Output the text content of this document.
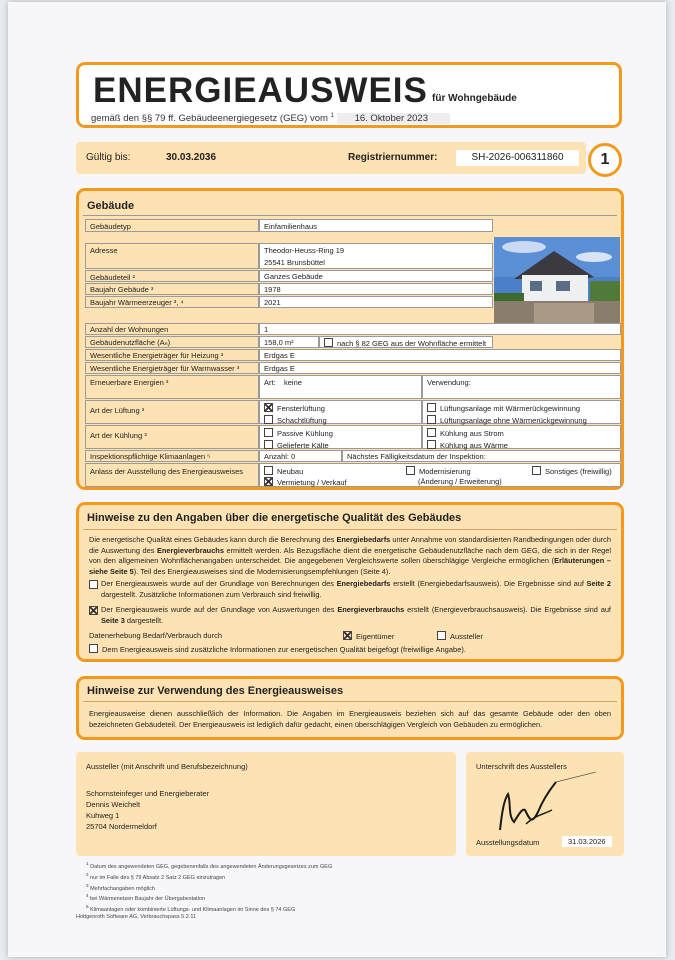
ENERGIEAUSWEIS für Wohngebäude
gemäß den §§ 79 ff. Gebäudeenergiegesetz (GEG) vom $^1$ 16. Oktober 2023
Gültig bis:	30.03.2036	Registriernummer:	SH-2026-006311860	1
Gebäude
Gebäudetyp	Einfamilienhaus
Adresse	Theodor-Heuss-Ring 19
25541 Brunsbüttel
Gebäudeteil ²	Ganzes Gebäude
Baujahr Gebäude ³	1978
Baujahr Wärmeerzeuger ³, ⁴	2021
Anzahl der Wohnungen	1
Gebäudenutzfläche (Aₙ)	158,0 m²	nach § 82 GEG aus der Wohnfläche ermittelt
Wesentliche Energieträger für Heizung ³	Erdgas E
Wesentliche Energieträger für Warmwasser ³	Erdgas E
Erneuerbare Energien ³	Art: keine	Verwendung:
Art der Lüftung ³	Fensterlüftung
Schachtlüftung
Lüftungsanlage mit Wärmerückgewinnung
Lüftungsanlage ohne Wärmerückgewinnung
Art der Kühlung ³	Passive Kühlung
Gelieferte Kälte
Kühlung aus Strom
Kühlung aus Wärme
Inspektionspflichtige Klimaanlagen ⁵	Anzahl: 0	Nächstes Fälligkeitsdatum der Inspektion:
Anlass der Ausstellung des Energieausweises	Neubau	Modernisierung	Sonstiges (freiwillig)
Vermietung / Verkauf	(Änderung / Erweiterung)
Hinweise zu den Angaben über die energetische Qualität des Gebäudes
Die energetische Qualität eines Gebäudes kann durch die Berechnung des Energiebedarfs unter Annahme von standardisierten Randbedingungen oder durch die Auswertung des Energieverbrauchs ermittelt werden. Als Bezugsfläche dient die energetische Gebäudenutzfläche nach dem GEG, die sich in der Regel von den allgemeinen Wohnflächenangaben unterscheidet. Die angegebenen Vergleichswerte sollen überschlägige Vergleiche ermöglichen (Erläuterungen – siehe Seite 5). Teil des Energieausweises sind die Modernisierungsempfehlungen (Seite 4).
Der Energieausweis wurde auf der Grundlage von Berechnungen des Energiebedarfs erstellt (Energiebedarfsausweis). Die Ergebnisse sind auf Seite 2 dargestellt. Zusätzliche Informationen zum Verbrauch sind freiwillig.
Der Energieausweis wurde auf der Grundlage von Auswertungen des Energieverbrauchs erstellt (Energieverbrauchsausweis). Die Ergebnisse sind auf Seite 3 dargestellt.
Datenerhebung Bedarf/Verbrauch durch	Eigentümer	Aussteller
Dem Energieausweis sind zusätzliche Informationen zur energetischen Qualität beigefügt (freiwillige Angabe).
Hinweise zur Verwendung des Energieausweises
Energieausweise dienen ausschließlich der Information. Die Angaben im Energieausweis beziehen sich auf das gesamte Gebäude oder den oben bezeichneten Gebäudeteil. Der Energieausweis ist lediglich dafür gedacht, einen überschlägigen Vergleich von Gebäuden zu ermöglichen.
Aussteller (mit Anschrift und Berufsbezeichnung)
Schornsteinfeger und Energieberater
Dennis Weichelt
Kuhweg 1
25704 Nordermeldorf
Unterschrift des Ausstellers
Ausstellungsdatum	31.03.2026
$^1$ Datum des angewendeten GEG, gegebenenfalls des angewendeten Änderungsgesetzes zum GEG
$^2$ nur im Falle des § 79 Absatz 2 Satz 2 GEG einzutragen
$^3$ Mehrfachangaben möglich
$^4$ bei Wärmenetzen Baujahr der Übergabestation
$^5$ Klimaanlagen oder kombinierte Lüftungs- und Klimaanlagen im Sinne des § 74 GEG
Hottgenroth Software AG, Verbrauchspass 5.2.11
